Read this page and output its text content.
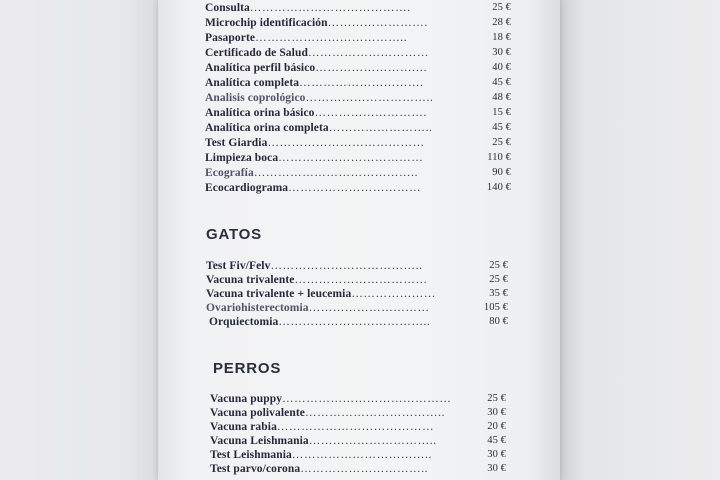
Consulta………………………………….	25 €
Microchip identificación…………………….	28 €
Pasaporte………………………………..	18 €
Certificado de Salud…………………………	30 €
Analítica perfil básico…………………….…	40 €
Analítica completa………………………….	45 €
Analisis coprológico…………………………..	48 €
Analítica orina básico……………………….	15 €
Analítica orina completa……………………..	45 €
Test Giardia…………………………………	25 €
Limpieza boca………………………………	110 €
Ecografía…………………………………..	90 €
Ecocardiograma……………………………	140 €
GATOS
Test Fiv/Felv………………………………..	25 €
Vacuna trivalente……………………………	25 €
Vacuna trivalente + leucemia…………………	35 €
Ovariohisterectomia…………………………	105 €
Orquiectomia………………………………..	80 €
PERROS
Vacuna puppy……………………………………	25 €
Vacuna polivalente……………………………..	30 €
Vacuna rabia…………………………………	20 €
Vacuna Leishmania…………………………..	45 €
Test Leishmania……………………………..	30 €
Test parvo/corona…………………………..	30 €
